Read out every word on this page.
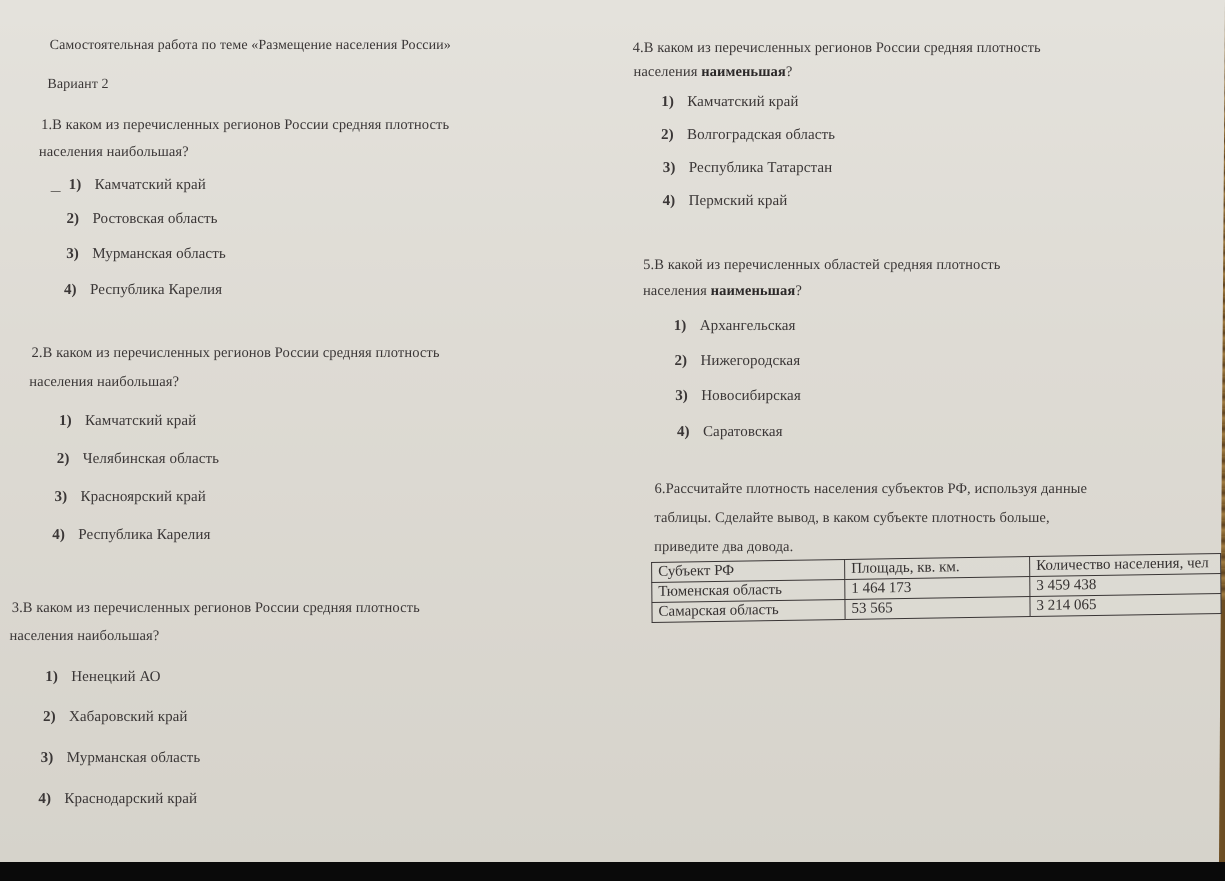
Самостоятельная работа по теме «Размещение населения России»
Вариант 2
1.В каком из перечисленных регионов России средняя плотность
населения наибольшая?
1) Камчатский край
2) Ростовская область
3) Мурманская область
4) Республика Карелия
2.В каком из перечисленных регионов России средняя плотность
населения наибольшая?
1) Камчатский край
2) Челябинская область
3) Красноярский край
4) Республика Карелия
3.В каком из перечисленных регионов России средняя плотность
населения наибольшая?
1) Ненецкий АО
2) Хабаровский край
3) Мурманская область
4) Краснодарский край
4.В каком из перечисленных регионов России средняя плотность
населения наименьшая?
1) Камчатский край
2) Волгоградская область
3) Республика Татарстан
4) Пермский край
5.В какой из перечисленных областей средняя плотность
населения наименьшая?
1) Архангельская
2) Нижегородская
3) Новосибирская
4) Саратовская
6.Рассчитайте плотность населения субъектов РФ, используя данные
таблицы. Сделайте вывод, в каком субъекте плотность больше,
приведите два довода.
Субъект РФ	Площадь, кв. км.	Количество населения, чел
Тюменская область	1 464 173	3 459 438
Самарская область	53 565	3 214 065
